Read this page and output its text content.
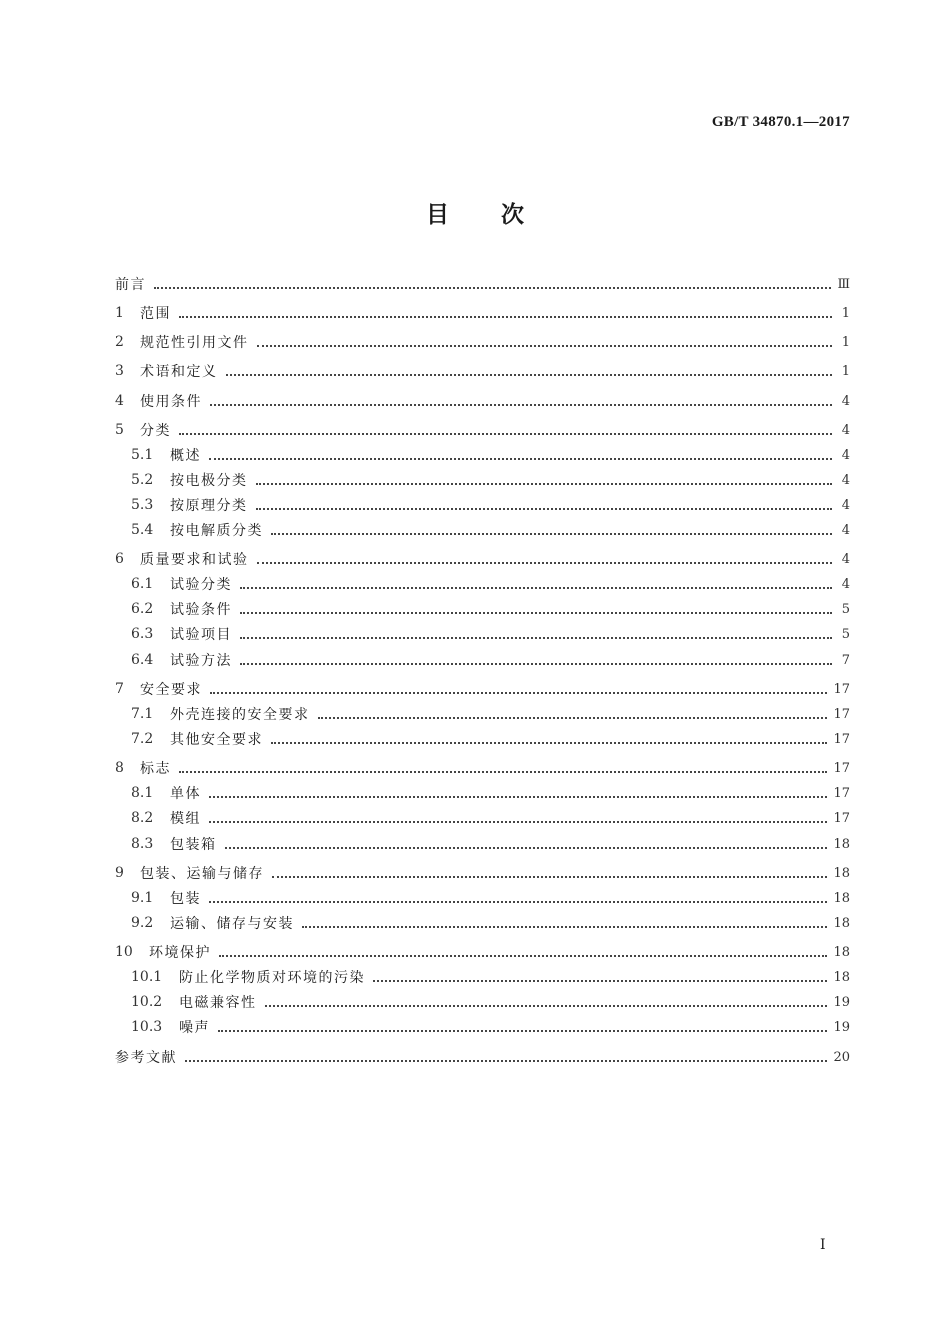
GB/T 34870.1—2017
目 次
前言	Ⅲ
1	范围	1
2	规范性引用文件	1
3	术语和定义	1
4	使用条件	4
5	分类	4
5.1	概述	4
5.2	按电极分类	4
5.3	按原理分类	4
5.4	按电解质分类	4
6	质量要求和试验	4
6.1	试验分类	4
6.2	试验条件	5
6.3	试验项目	5
6.4	试验方法	7
7	安全要求	17
7.1	外壳连接的安全要求	17
7.2	其他安全要求	17
8	标志	17
8.1	单体	17
8.2	模组	17
8.3	包装箱	18
9	包装、运输与储存	18
9.1	包装	18
9.2	运输、储存与安装	18
10	环境保护	18
10.1	防止化学物质对环境的污染	18
10.2	电磁兼容性	19
10.3	噪声	19
参考文献	20
I
